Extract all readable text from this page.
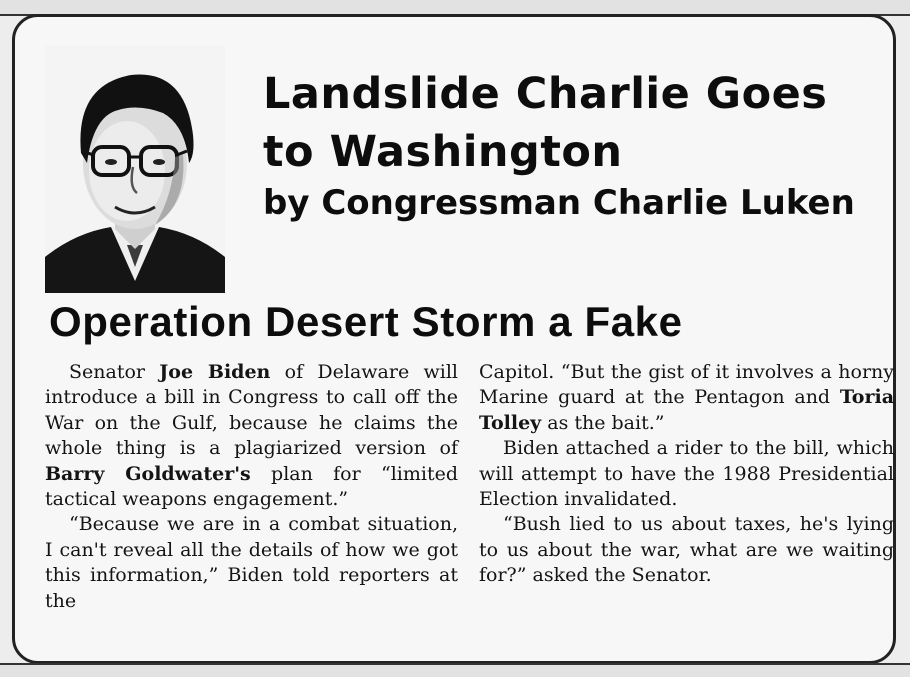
Landslide Charlie Goes
to Washington

by Congressman Charlie Luken

Operation Desert Storm a Fake

Senator Joe Biden of Delaware will introduce a bill in Congress to call off the War on the Gulf, because he claims the whole thing is a plagiarized version of Barry Goldwater's plan for “limited tactical weapons engagement.”

“Because we are in a combat situation, I can't reveal all the details of how we got this information,” Biden told reporters at the

Capitol. “But the gist of it involves a horny Marine guard at the Pentagon and Toria Tolley as the bait.”

Biden attached a rider to the bill, which will attempt to have the 1988 Presidential Election invalidated.

“Bush lied to us about taxes, he's lying to us about the war, what are we waiting for?” asked the Senator.
